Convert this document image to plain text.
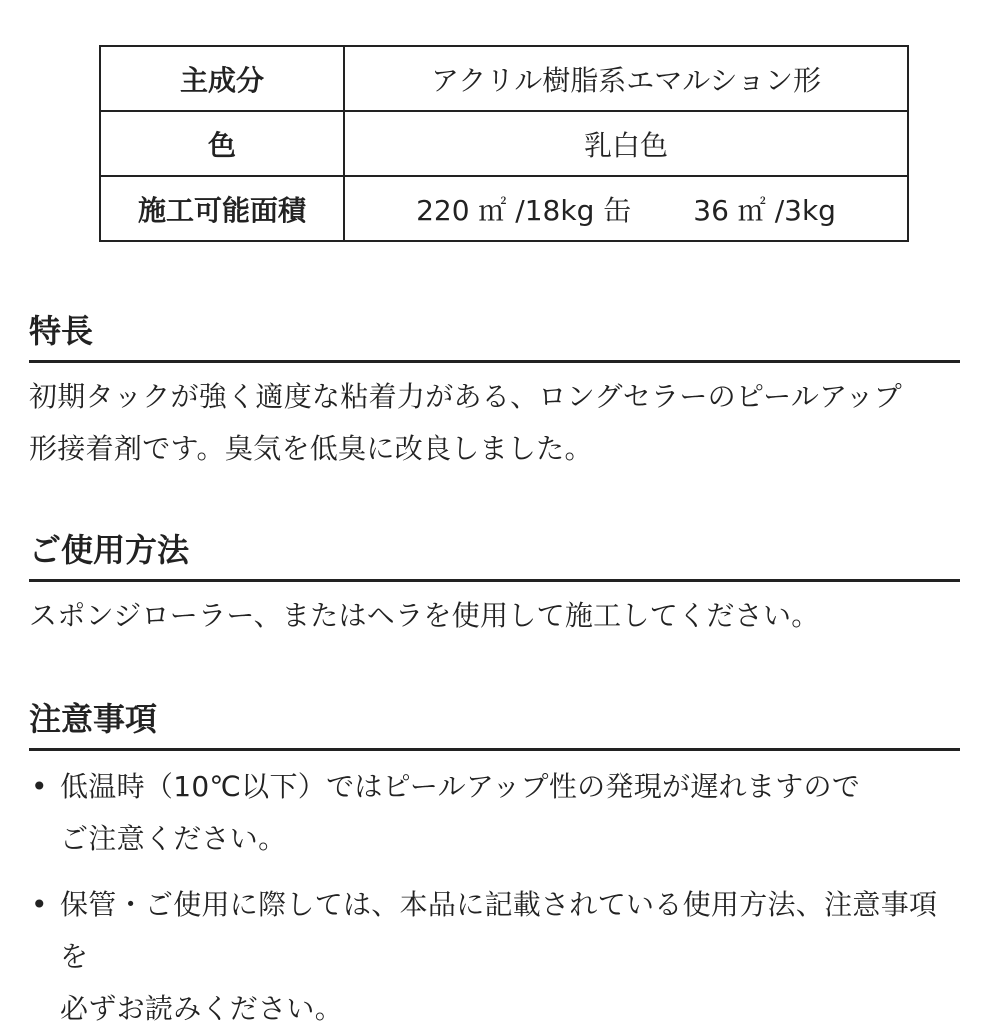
主成分	アクリル樹脂系エマルション形
色	乳白色
施工可能面積	220 ㎡ /18kg 缶 36 ㎡ /3kg
特長

初期タックが強く適度な粘着力がある、ロングセラーのピールアップ
形接着剤です。臭気を低臭に改良しました。

ご使用方法

スポンジローラー、またはヘラを使用して施工してください。

注意事項
• 低温時（10℃以下）ではピールアップ性の発現が遅れますので
ご注意ください。
• 保管・ご使用に際しては、本品に記載されている使用方法、注意事項を
必ずお読みください。
